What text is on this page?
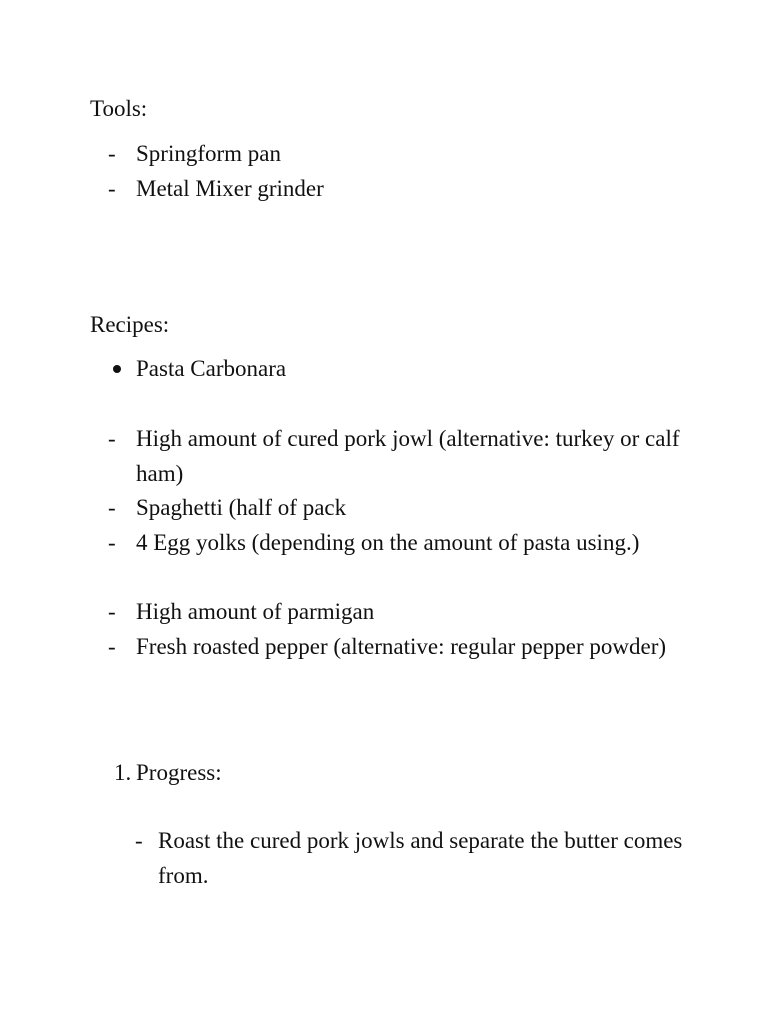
Tools:
- Springform pan
- Metal Mixer grinder
Recipes:
Pasta Carbonara
- High amount of cured pork jowl (alternative: turkey or calf ham)
- Spaghetti (half of pack
- 4 Egg yolks (depending on the amount of pasta using.)
- High amount of parmigan
- Fresh roasted pepper (alternative: regular pepper powder)
1. Progress:
- Roast the cured pork jowls and separate the butter comes from.
